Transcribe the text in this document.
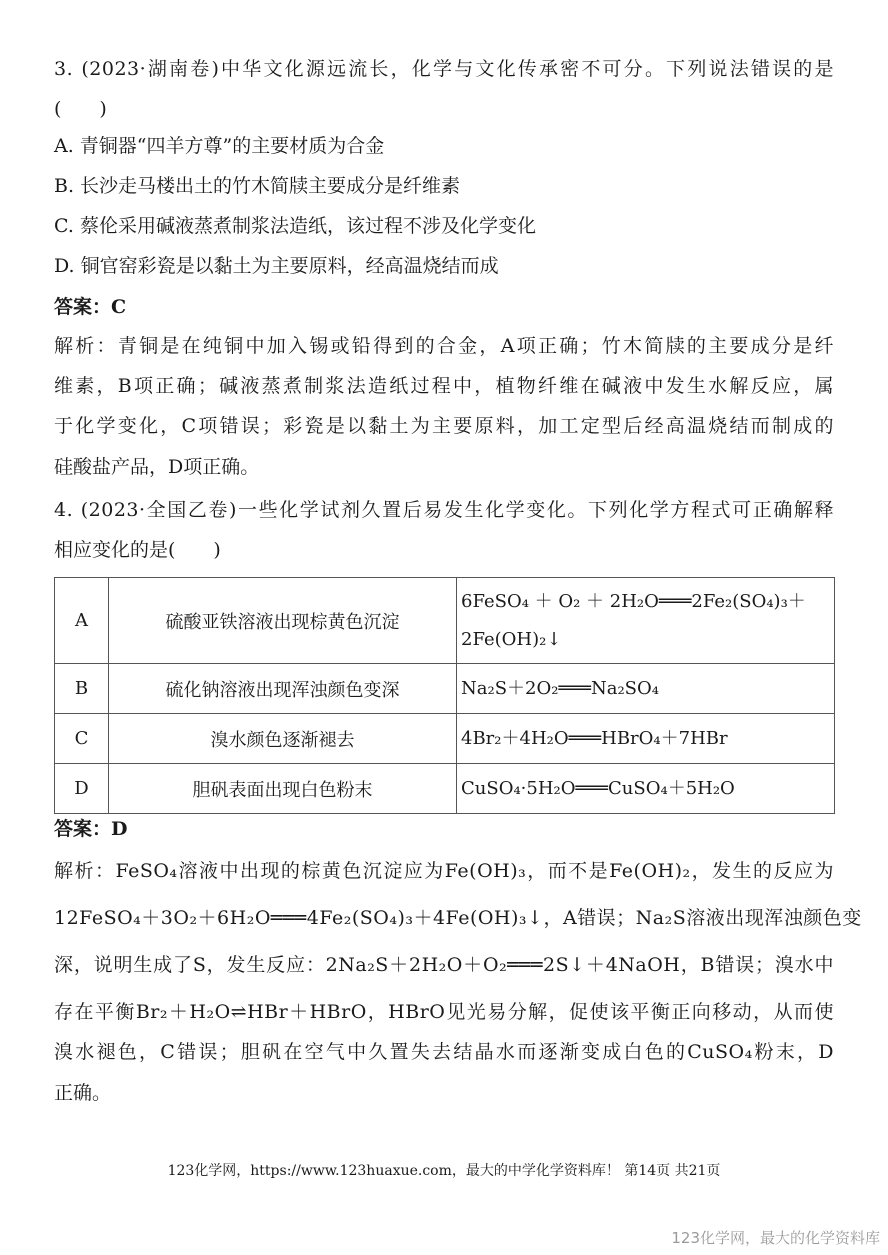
3. (2023·湖南卷)中华文化源远流长，化学与文化传承密不可分。下列说法错误的是
(　　)
A. 青铜器“四羊方尊”的主要材质为合金
B. 长沙走马楼出土的竹木简牍主要成分是纤维素
C. 蔡伦采用碱液蒸煮制浆法造纸，该过程不涉及化学变化
D. 铜官窑彩瓷是以黏土为主要原料，经高温烧结而成
答案：C
解析：青铜是在纯铜中加入锡或铅得到的合金，A项正确；竹木简牍的主要成分是纤
维素，B项正确；碱液蒸煮制浆法造纸过程中，植物纤维在碱液中发生水解反应，属
于化学变化，C项错误；彩瓷是以黏土为主要原料，加工定型后经高温烧结而制成的
硅酸盐产品，D项正确。
4. (2023·全国乙卷)一些化学试剂久置后易发生化学变化。下列化学方程式可正确解释
相应变化的是(　　)
A	硫酸亚铁溶液出现棕黄色沉淀	6FeSO₄ ＋ O₂ ＋ 2H₂O═══2Fe₂(SO₄)₃＋
2Fe(OH)₂↓

B	硫化钠溶液出现浑浊颜色变深	Na₂S＋2O₂═══Na₂SO₄
C	溴水颜色逐渐褪去	4Br₂＋4H₂O═══HBrO₄＋7HBr
D	胆矾表面出现白色粉末	CuSO₄·5H₂O═══CuSO₄＋5H₂O
答案：D
解析：FeSO₄溶液中出现的棕黄色沉淀应为Fe(OH)₃，而不是Fe(OH)₂，发生的反应为
12FeSO₄＋3O₂＋6H₂O═══4Fe₂(SO₄)₃＋4Fe(OH)₃↓，A错误；Na₂S溶液出现浑浊颜色变
深，说明生成了S，发生反应：2Na₂S＋2H₂O＋O₂═══2S↓＋4NaOH，B错误；溴水中
存在平衡Br₂＋H₂O⇌HBr＋HBrO，HBrO见光易分解，促使该平衡正向移动，从而使
溴水褪色，C错误；胆矾在空气中久置失去结晶水而逐渐变成白色的CuSO₄粉末，D
正确。
123化学网，https://www.123huaxue.com，最大的中学化学资料库！ 第14页 共21页
123化学网，最大的化学资料库
